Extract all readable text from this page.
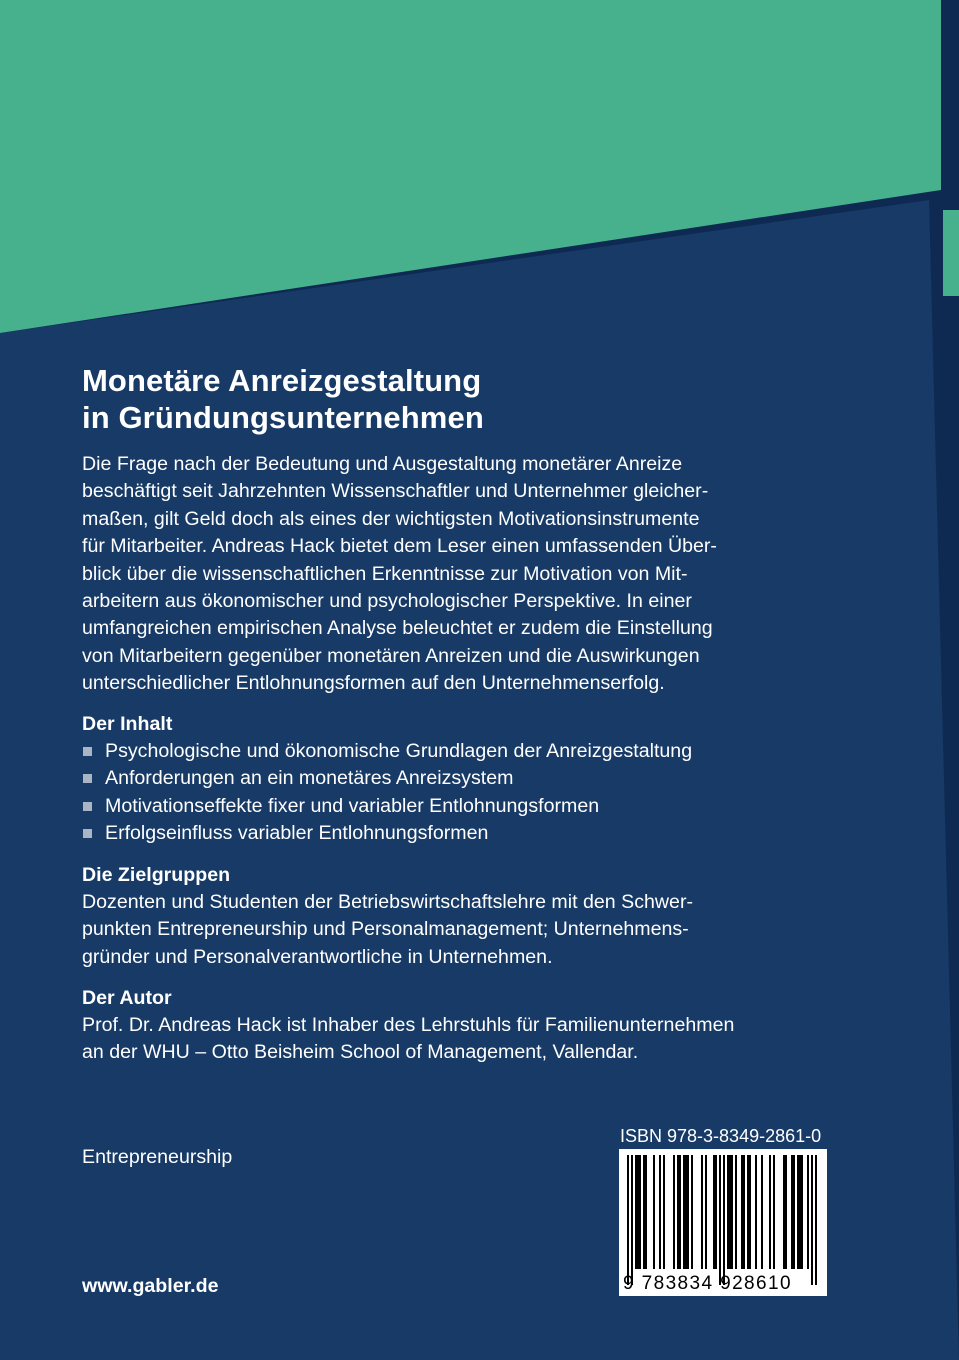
Monetäre Anreizgestaltung
in Gründungsunternehmen

Die Frage nach der Bedeutung und Ausgestaltung monetärer Anreize
beschäftigt seit Jahrzehnten Wissenschaftler und Unternehmer gleicher-
maßen, gilt Geld doch als eines der wichtigsten Motivationsinstrumente
für Mitarbeiter. Andreas Hack bietet dem Leser einen umfassenden Über-
blick über die wissenschaftlichen Erkenntnisse zur Motivation von Mit-
arbeitern aus ökonomischer und psychologischer Perspektive. In einer
umfangreichen empirischen Analyse beleuchtet er zudem die Einstellung
von Mitarbeitern gegenüber monetären Anreizen und die Auswirkungen
unterschiedlicher Entlohnungsformen auf den Unternehmenserfolg.

Der Inhalt
Psychologische und ökonomische Grundlagen der Anreizgestaltung
Anforderungen an ein monetäres Anreizsystem
Motivationseffekte fixer und variabler Entlohnungsformen
Erfolgseinfluss variabler Entlohnungsformen
Die Zielgruppen

Dozenten und Studenten der Betriebswirtschaftslehre mit den Schwer-
punkten Entrepreneurship und Personalmanagement; Unternehmens-
gründer und Personalverantwortliche in Unternehmen.

Der Autor

Prof. Dr. Andreas Hack ist Inhaber des Lehrstuhls für Familienunternehmen
an der WHU – Otto Beisheim School of Management, Vallendar.

Entrepreneurship

www.gabler.de

ISBN 978-3-8349-2861-0

9 783834 928610
